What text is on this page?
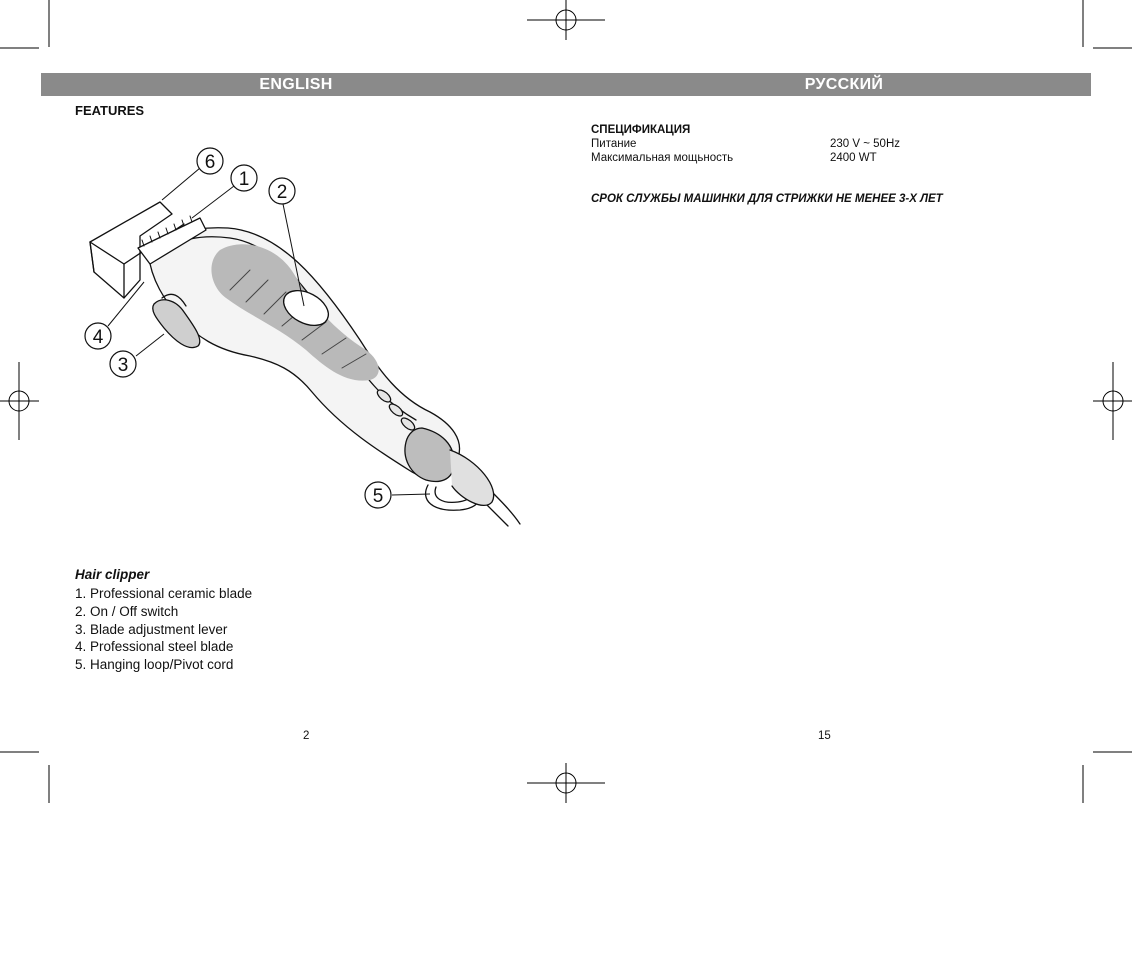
ENGLISH	РУССКИЙ
FEATURES
6
1
2
4
3
5
Hair clipper
1. Professional ceramic blade
2. On / Off switch
3. Blade adjustment lever
4. Professional steel blade
5. Hanging loop/Pivot cord
2
СПЕЦИФИКАЦИЯ
Питание	230 V ~ 50Hz
Максимальная мощьность	2400 WT
СРОК СЛУЖБЫ МАШИНКИ ДЛЯ СТРИЖКИ НЕ МЕНЕЕ 3-Х ЛЕТ
15
